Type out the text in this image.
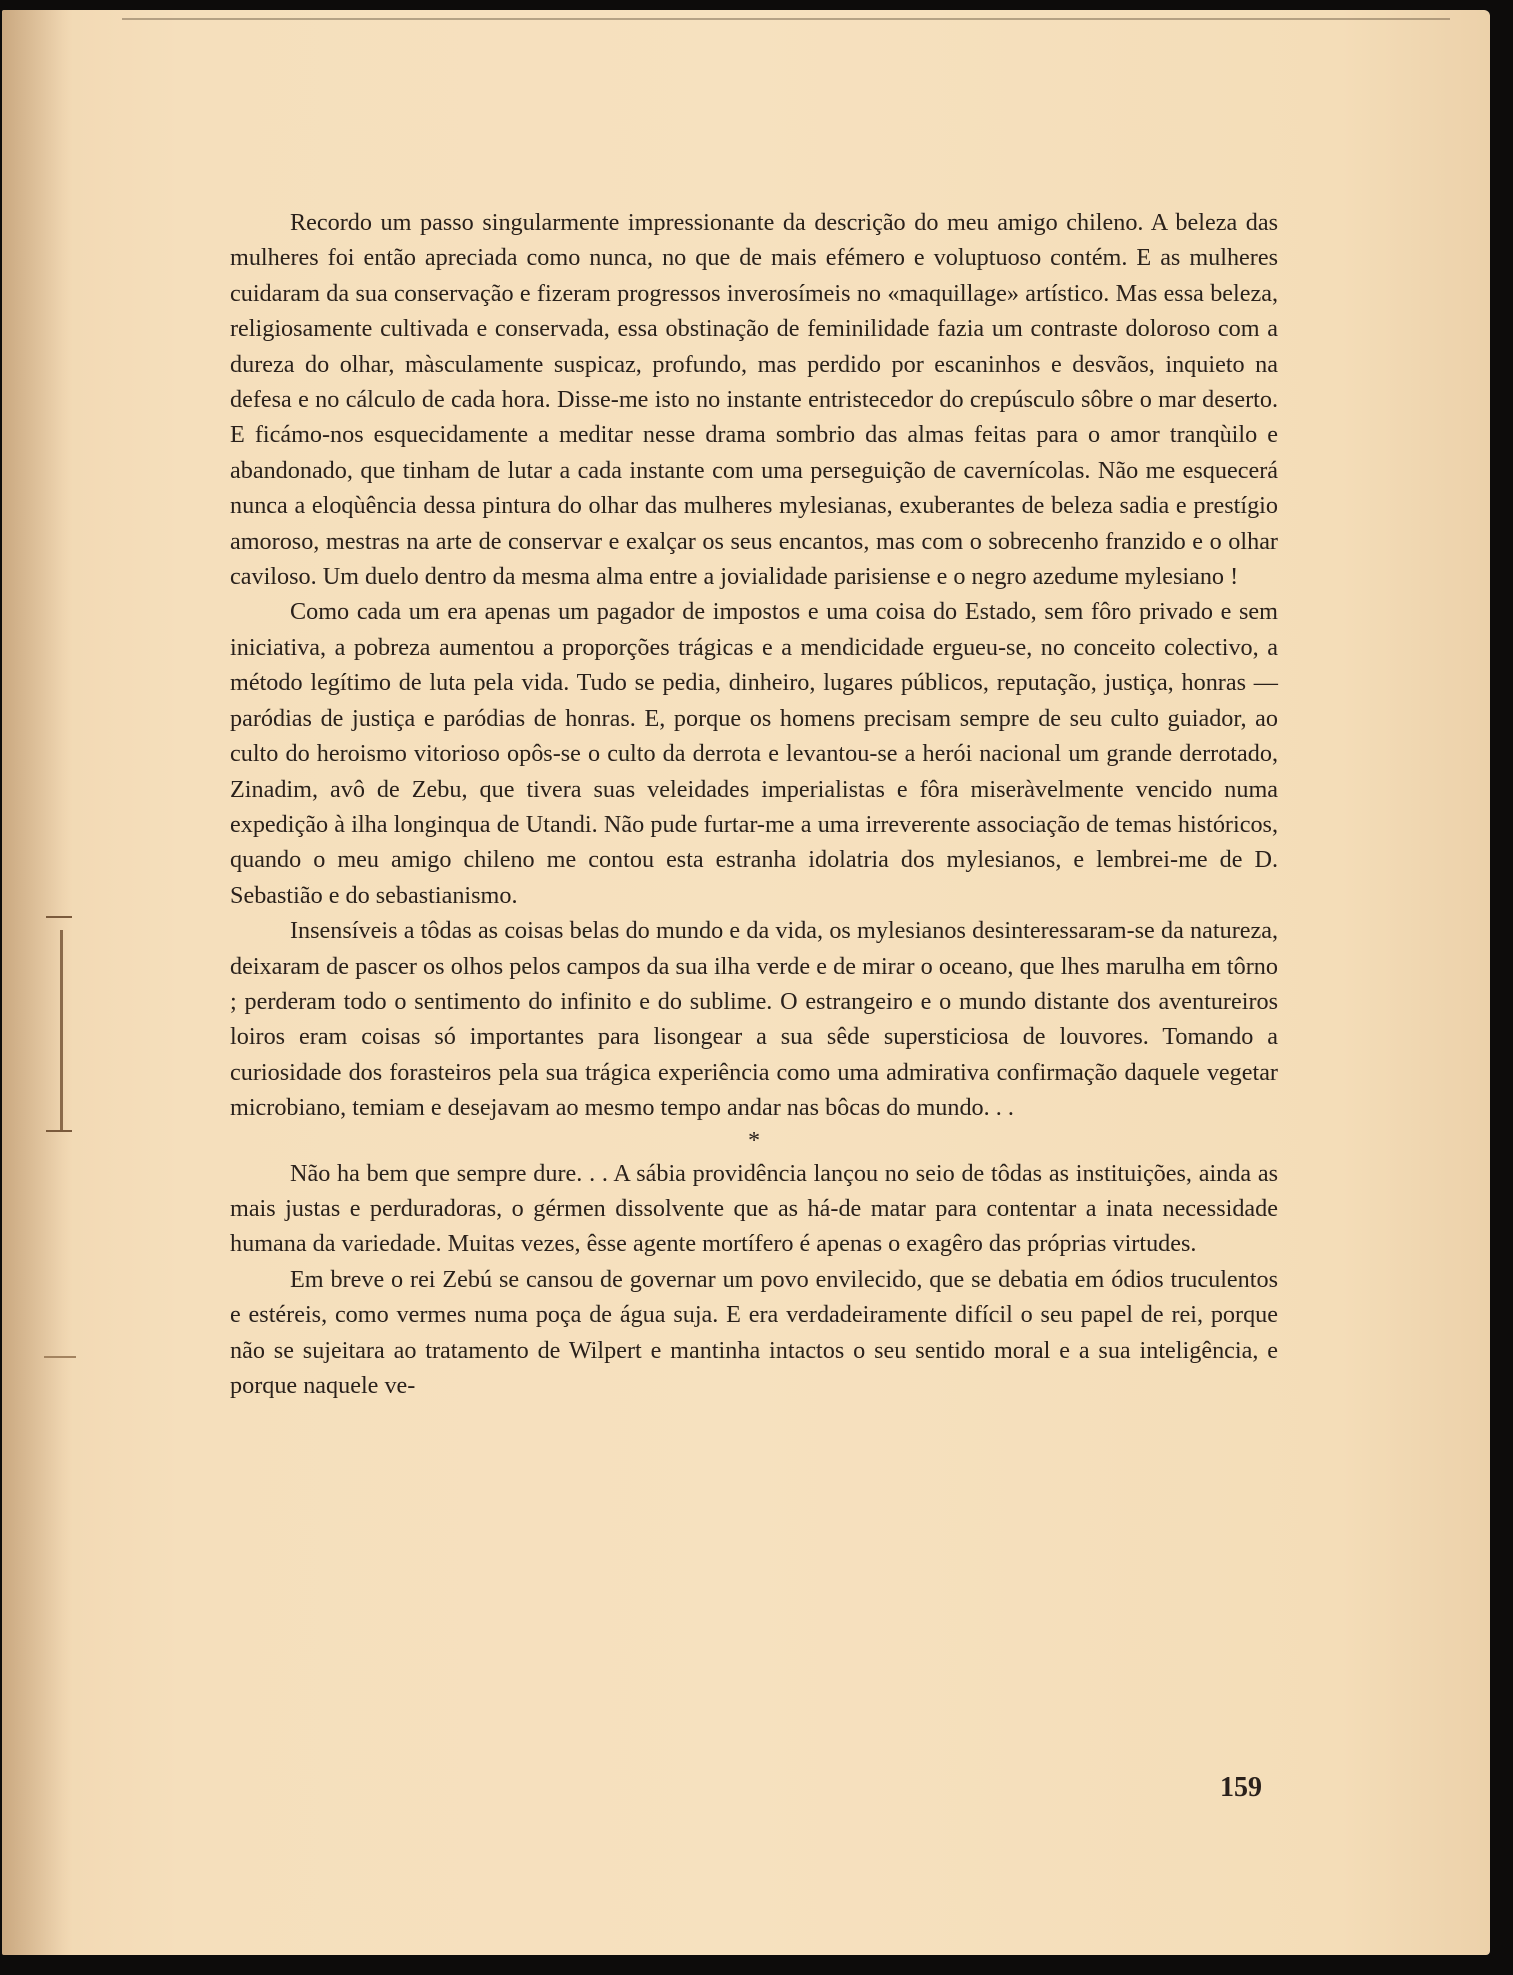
Recordo um passo singularmente impressionante da descrição do meu amigo chileno. A beleza das mulheres foi então apreciada como nunca, no que de mais efémero e voluptuoso contém. E as mulheres cuidaram da sua conservação e fizeram progressos inverosímeis no «maquillage» artístico. Mas essa beleza, religiosamente cultivada e conservada, essa obstinação de feminilidade fazia um contraste doloroso com a dureza do olhar, màsculamente suspicaz, profundo, mas perdido por escaninhos e desvãos, inquieto na defesa e no cálculo de cada hora. Disse-me isto no instante entristecedor do crepúsculo sôbre o mar deserto. E ficámo-nos esquecidamente a meditar nesse drama sombrio das almas feitas para o amor tranqùilo e abandonado, que tinham de lutar a cada instante com uma perseguição de cavernícolas. Não me esquecerá nunca a eloqùência dessa pintura do olhar das mulheres mylesianas, exuberantes de beleza sadia e prestígio amoroso, mestras na arte de conservar e exalçar os seus encantos, mas com o sobrecenho franzido e o olhar caviloso. Um duelo dentro da mesma alma entre a jovialidade parisiense e o negro azedume mylesiano !

Como cada um era apenas um pagador de impostos e uma coisa do Estado, sem fôro privado e sem iniciativa, a pobreza aumentou a proporções trágicas e a mendicidade ergueu-se, no conceito colectivo, a método legítimo de luta pela vida. Tudo se pedia, dinheiro, lugares públicos, reputação, justiça, honras — paródias de justiça e paródias de honras. E, porque os homens precisam sempre de seu culto guiador, ao culto do heroismo vitorioso opôs-se o culto da derrota e levantou-se a herói nacional um grande derrotado, Zinadim, avô de Zebu, que tivera suas veleidades imperialistas e fôra miseràvelmente vencido numa expedição à ilha longinqua de Utandi. Não pude furtar-me a uma irreverente associação de temas históricos, quando o meu amigo chileno me contou esta estranha idolatria dos mylesianos, e lembrei-me de D. Sebastião e do sebastianismo.

Insensíveis a tôdas as coisas belas do mundo e da vida, os mylesianos desinteressaram-se da natureza, deixaram de pascer os olhos pelos campos da sua ilha verde e de mirar o oceano, que lhes marulha em tôrno ; perderam todo o sentimento do infinito e do sublime. O estrangeiro e o mundo distante dos aventureiros loiros eram coisas só importantes para lisongear a sua sêde supersticiosa de louvores. Tomando a curiosidade dos forasteiros pela sua trágica experiência como uma admirativa confirmação daquele vegetar microbiano, temiam e desejavam ao mesmo tempo andar nas bôcas do mundo. . .

*

Não ha bem que sempre dure. . . A sábia providência lançou no seio de tôdas as instituições, ainda as mais justas e perduradoras, o gérmen dissolvente que as há-de matar para contentar a inata necessidade humana da variedade. Muitas vezes, êsse agente mortífero é apenas o exagêro das próprias virtudes.

Em breve o rei Zebú se cansou de governar um povo envilecido, que se debatia em ódios truculentos e estéreis, como vermes numa poça de água suja. E era verdadeiramente difícil o seu papel de rei, porque não se sujeitara ao tratamento de Wilpert e mantinha intactos o seu sentido moral e a sua inteligência, e porque naquele ve-

159
